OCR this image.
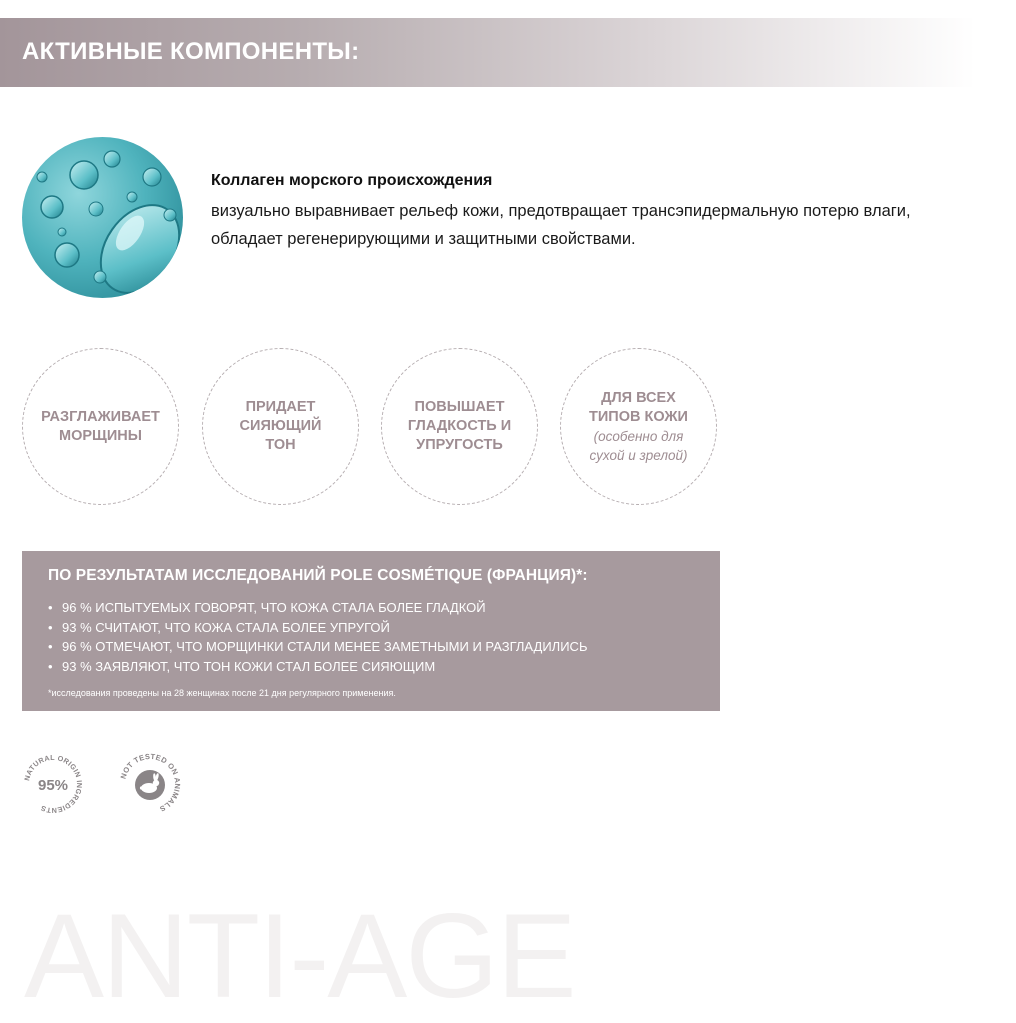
АКТИВНЫЕ КОМПОНЕНТЫ:

Коллаген морского происхождения

визуально выравнивает рельеф кожи, предотвращает трансэпидермальную потерю влаги, обладает регенерирующими и защитными свойствами.

РАЗГЛАЖИВАЕТ
МОРЩИНЫ
ПРИДАЕТ
СИЯЮЩИЙ
ТОН
ПОВЫШАЕТ
ГЛАДКОСТЬ И
УПРУГОСТЬ
ДЛЯ ВСЕХ
ТИПОВ КОЖИ
(особенно для
сухой и зрелой)

ПО РЕЗУЛЬТАТАМ ИССЛЕДОВАНИЙ POLE COSMÉTIQUE (ФРАНЦИЯ)*:

• 96 % ИСПЫТУЕМЫХ ГОВОРЯТ, ЧТО КОЖА СТАЛА БОЛЕЕ ГЛАДКОЙ
• 93 % СЧИТАЮТ, ЧТО КОЖА СТАЛА БОЛЕЕ УПРУГОЙ
• 96 % ОТМЕЧАЮТ, ЧТО МОРЩИНКИ СТАЛИ МЕНЕЕ ЗАМЕТНЫМИ И РАЗГЛАДИЛИСЬ
• 93 % ЗАЯВЛЯЮТ, ЧТО ТОН КОЖИ СТАЛ БОЛЕЕ СИЯЮЩИМ

*исследования проведены на 28 женщинах после 21 дня регулярного применения.

NATURAL ORIGIN INGREDIENTS
95%
NOT TESTED ON ANIMALS

ANTI-AGE
